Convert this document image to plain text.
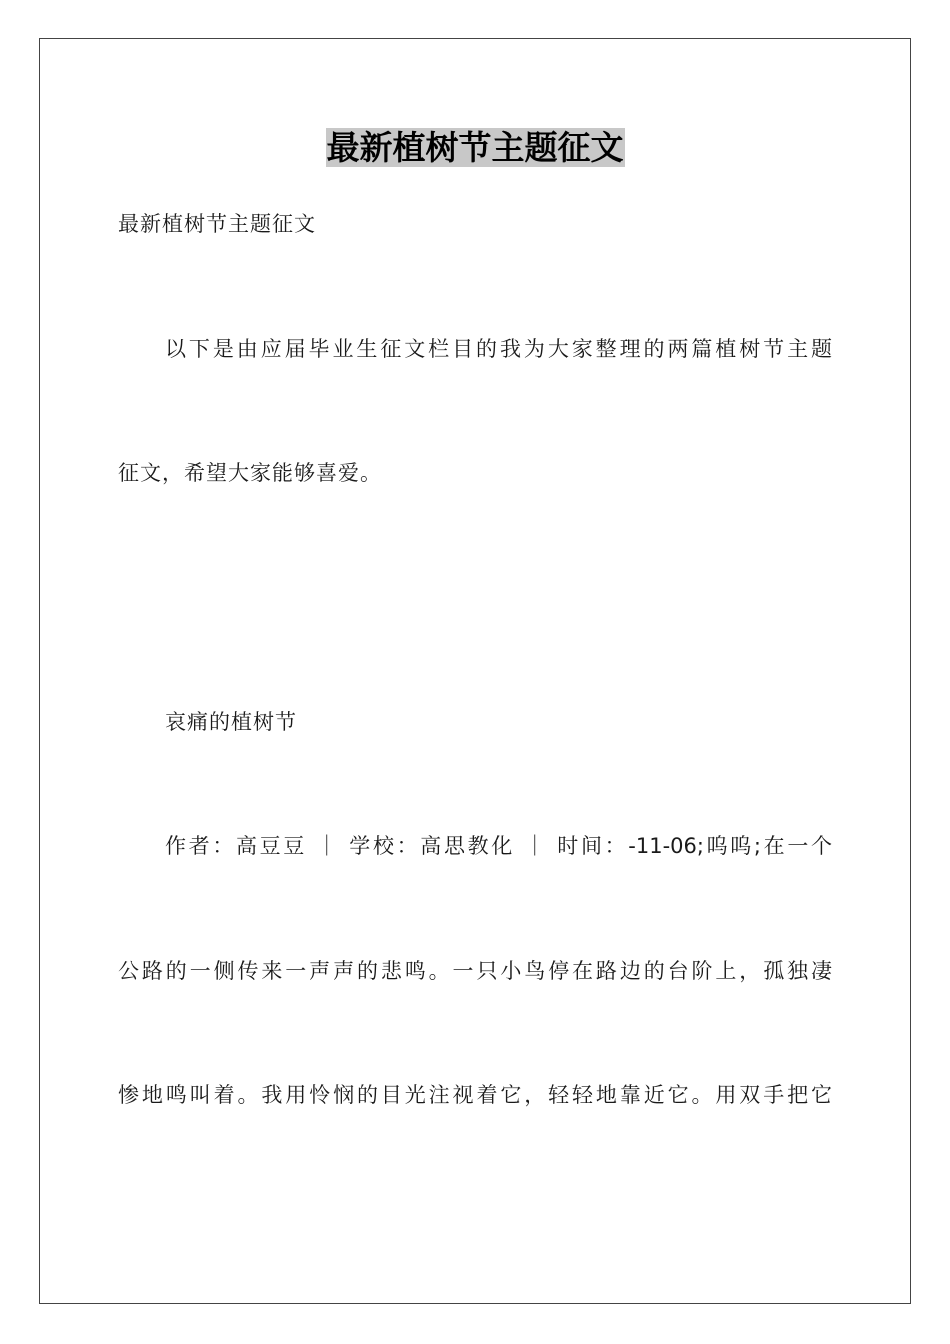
最新植树节主题征文
最新植树节主题征文
以下是由应届毕业生征文栏目的我为大家整理的两篇植树节主题
征文，希望大家能够喜爱。
哀痛的植树节
作者：高豆豆 ｜ 学校：高思教化 ｜ 时间：-11-06;呜呜;在一个
公路的一侧传来一声声的悲鸣。一只小鸟停在路边的台阶上，孤独凄
惨地鸣叫着。我用怜悯的目光注视着它，轻轻地靠近它。用双手把它
